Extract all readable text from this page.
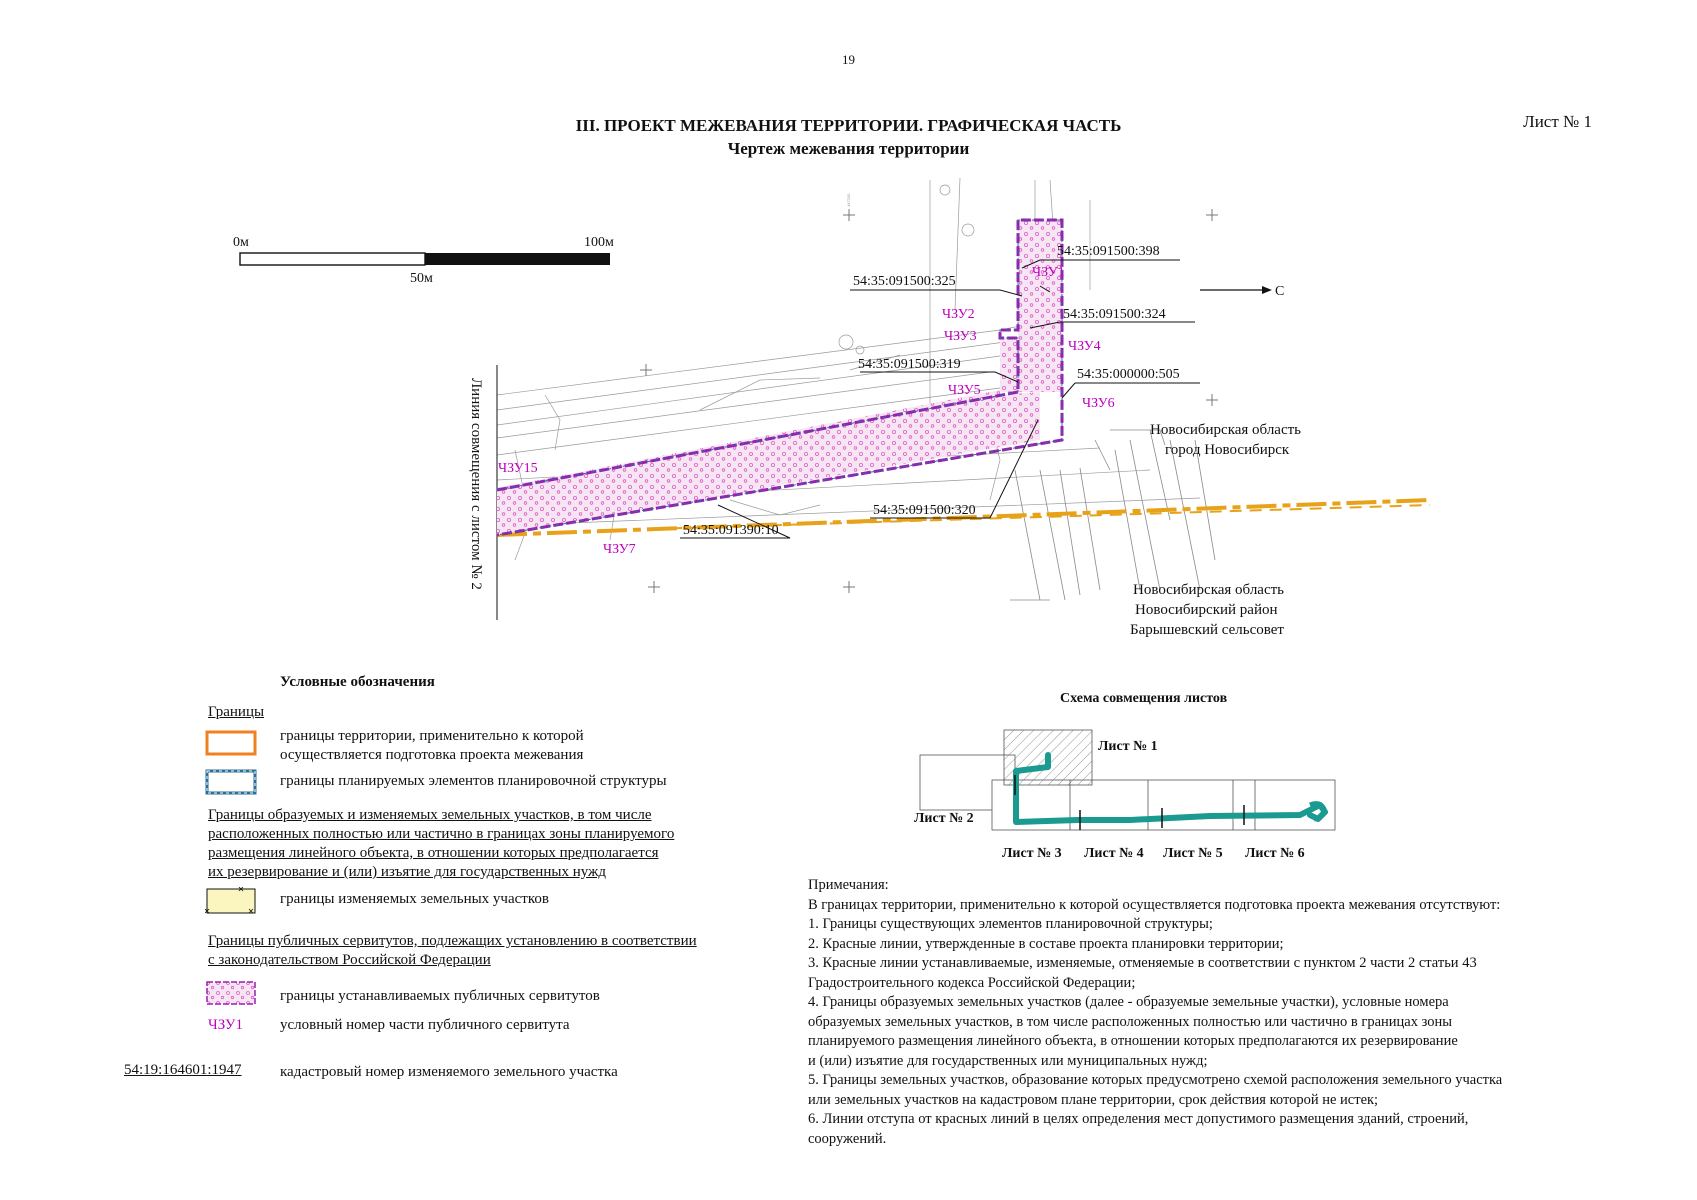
19
III. ПРОЕКТ МЕЖЕВАНИЯ ТЕРРИТОРИИ. ГРАФИЧЕСКАЯ ЧАСТЬ
Чертеж межевания территории
Лист № 1
0м	100м
50м
447200
Линия совмещения с листом № 2
54:35:091500:398
54:35:091500:325
54:35:091500:324
54:35:091500:319
54:35:000000:505
54:35:091500:320
54:35:091390:10
ЧЗУ1
ЧЗУ2
ЧЗУ3
ЧЗУ4
ЧЗУ5
ЧЗУ6
ЧЗУ7
ЧЗУ15
С
Новосибирская область
город Новосибирск
Новосибирская область
Новосибирский район
Барышевский сельсовет
Условные обозначения
Границы
границы территории, применительно к которой
осуществляется подготовка проекта межевания
границы планируемых элементов планировочной структуры
Границы образуемых и изменяемых земельных участков, в том числе
расположенных полностью или частично в границах зоны планируемого
размещения линейного объекта, в отношении которых предполагается
их резервирование и (или) изъятие для государственных нужд
границы изменяемых земельных участков
Границы публичных сервитутов, подлежащих установлению в соответствии
с законодательством Российской Федерации
границы устанавливаемых публичных сервитутов
ЧЗУ1 условный номер части публичного сервитута
54:19:164601:1947	кадастровый номер изменяемого земельного участка
Схема совмещения листов
Лист № 1
Лист № 2
Лист № 3 Лист № 4 Лист № 5 Лист № 6
Примечания:
В границах территории, применительно к которой осуществляется подготовка проекта межевания отсутствуют:
1. Границы существующих элементов планировочной структуры;
2. Красные линии, утвержденные в составе проекта планировки территории;
3. Красные линии устанавливаемые, изменяемые, отменяемые в соответствии с пунктом 2 части 2 статьи 43
Градостроительного кодекса Российской Федерации;
4. Границы образуемых земельных участков (далее - образуемые земельные участки), условные номера
образуемых земельных участков, в том числе расположенных полностью или частично в границах зоны
планируемого размещения линейного объекта, в отношении которых предполагаются их резервирование
и (или) изъятие для государственных или муниципальных нужд;
5. Границы земельных участков, образование которых предусмотрено схемой расположения земельного участка
или земельных участков на кадастровом плане территории, срок действия которой не истек;
6. Линии отступа от красных линий в целях определения мест допустимого размещения зданий, строений,
сооружений.
